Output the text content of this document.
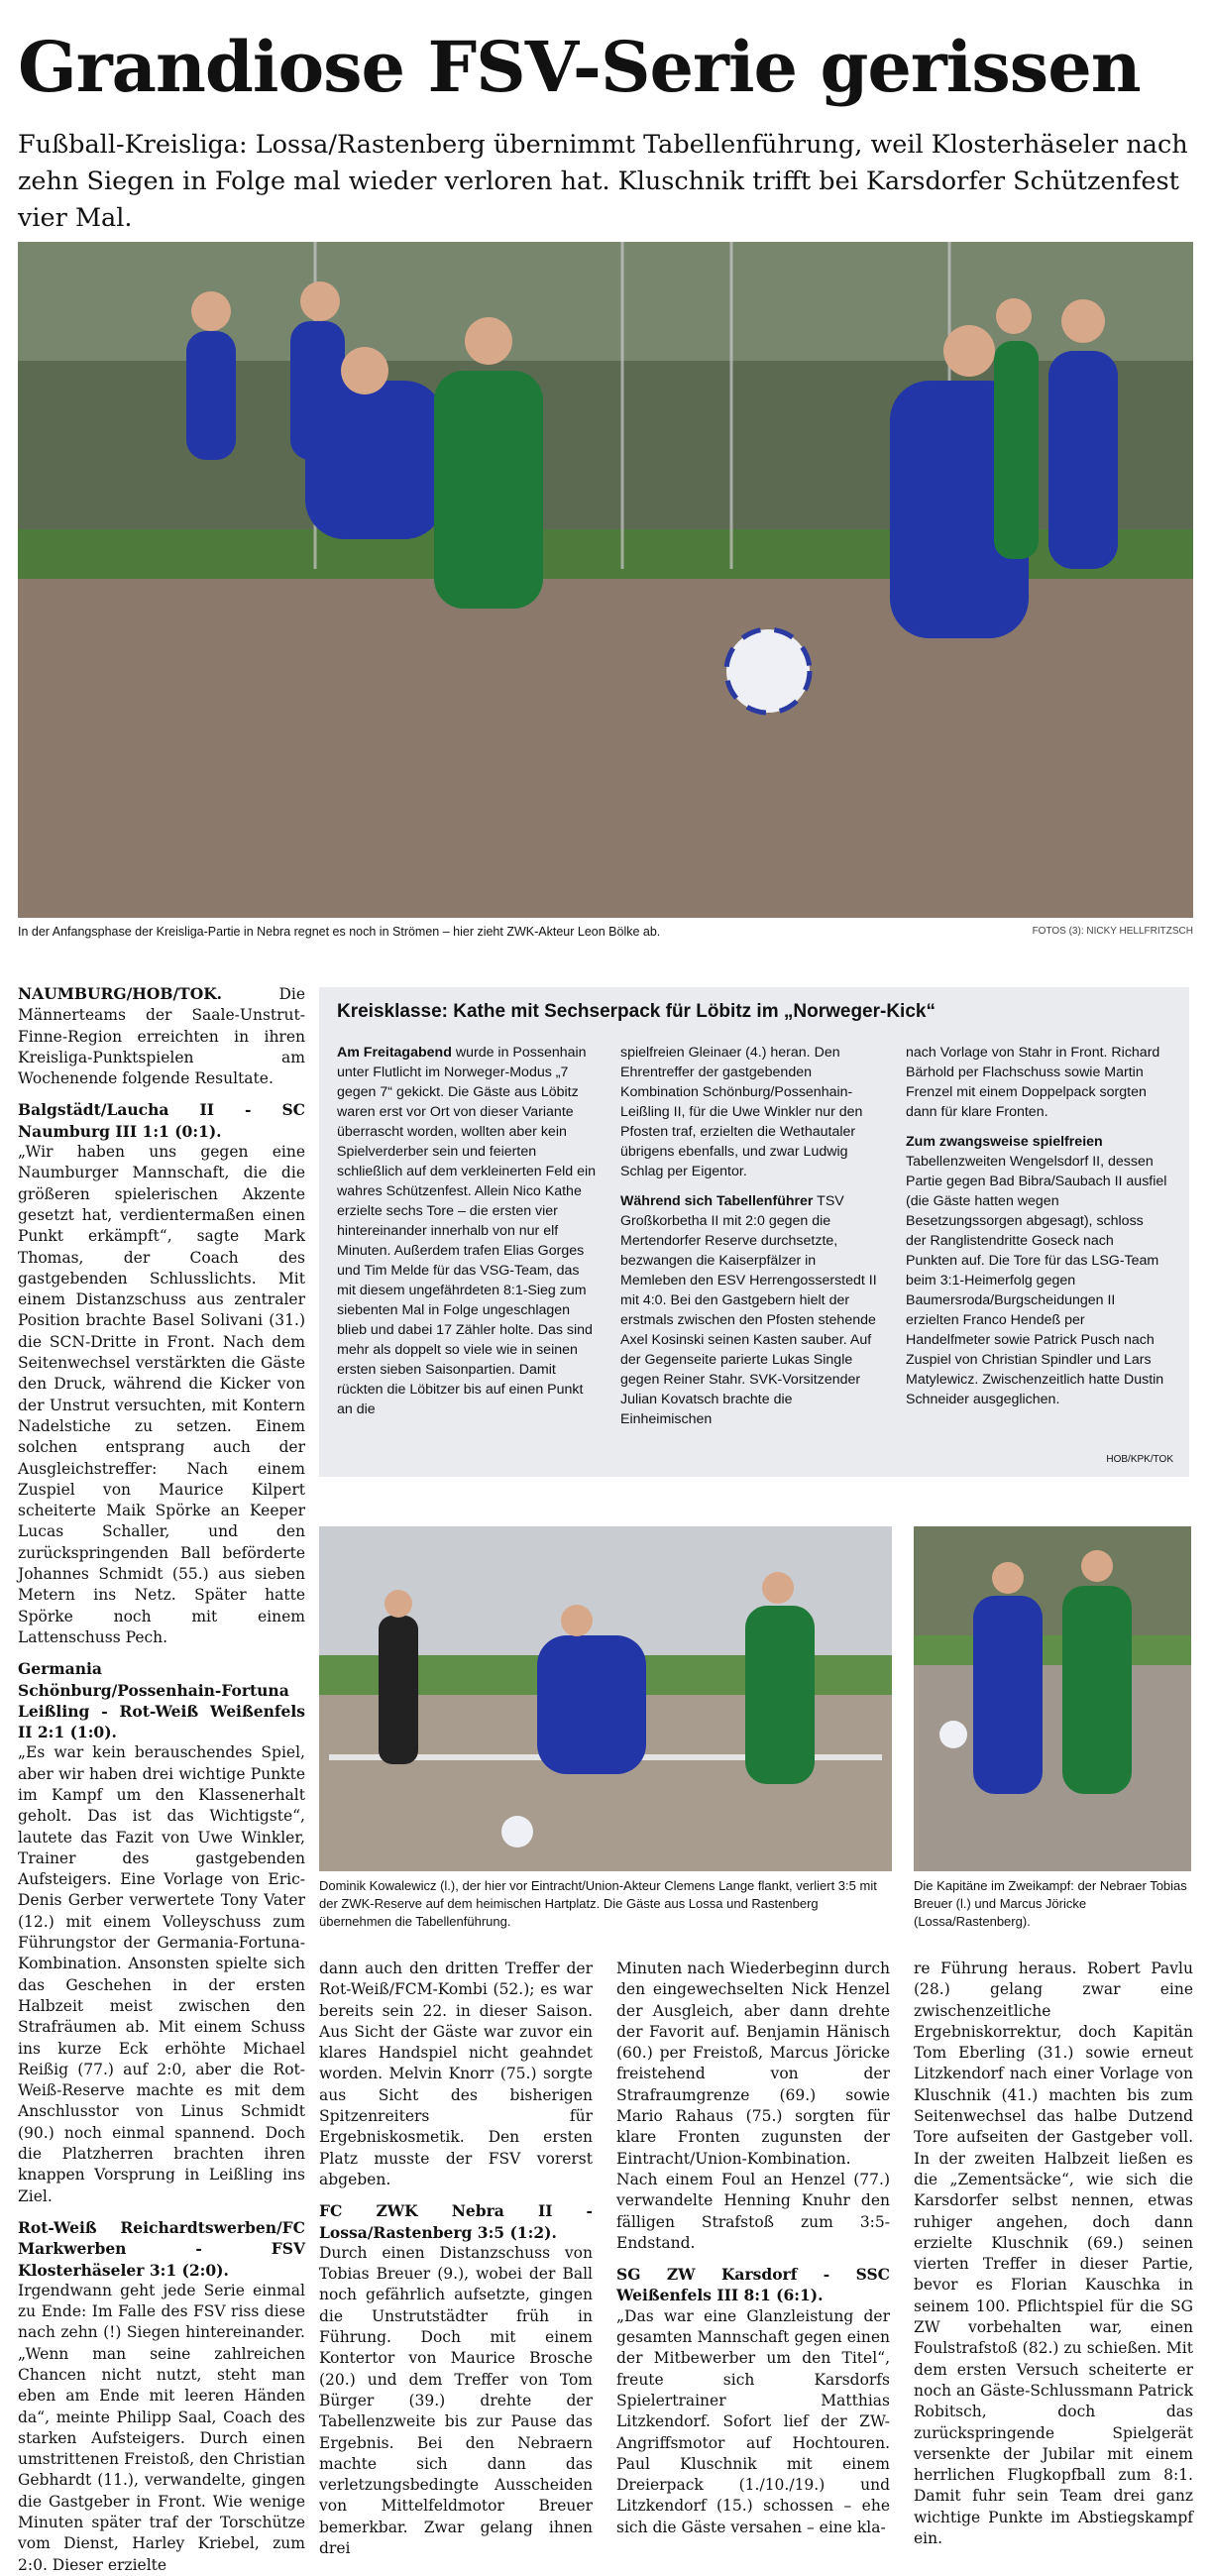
Grandiose FSV-Serie gerissen
Fußball-Kreisliga: Lossa/Rastenberg übernimmt Tabellenführung, weil Klosterhäseler nach zehn Siegen in Folge mal wieder verloren hat. Kluschnik trifft bei Karsdorfer Schützenfest vier Mal.
In der Anfangsphase der Kreisliga-Partie in Nebra regnet es noch in Strömen – hier zieht ZWK-Akteur Leon Bölke ab.	FOTOS (3): NICKY HELLFRITZSCH

NAUMBURG/HOB/TOK.	Die Männerteams der Saale-Unstrut-Finne-Region erreichten in ihren Kreisliga-Punktspielen am Wochenende folgende Resultate.

Balgstädt/Laucha II - SC Naumburg III 1:1 (0:1).
„Wir haben uns gegen eine Naumburger Mannschaft, die die größeren spielerischen Akzente gesetzt hat, verdientermaßen einen Punkt erkämpft“, sagte Mark Thomas, der Coach des gastgebenden Schlusslichts. Mit einem Distanzschuss aus zentraler Position brachte Basel Solivani (31.) die SCN-Dritte in Front. Nach dem Seitenwechsel verstärkten die Gäste den Druck, während die Kicker von der Unstrut versuchten, mit Kontern Nadelstiche zu setzen. Einem solchen entsprang auch der Ausgleichstreffer: Nach einem Zuspiel von Maurice Kilpert scheiterte Maik Spörke an Keeper Lucas Schaller, und den zurückspringenden Ball beförderte Johannes Schmidt (55.) aus sieben Metern ins Netz. Später hatte Spörke noch mit einem Lattenschuss Pech.

Germania Schönburg/Possenhain-Fortuna Leißling - Rot-Weiß Weißenfels II 2:1 (1:0).
„Es war kein berauschendes Spiel, aber wir haben drei wichtige Punkte im Kampf um den Klassenerhalt geholt. Das ist das Wichtigste“, lautete das Fazit von Uwe Winkler, Trainer des gastgebenden Aufsteigers. Eine Vorlage von Eric-Denis Gerber verwertete Tony Vater (12.) mit einem Volleyschuss zum Führungstor der Germania-Fortuna-Kombination. Ansonsten spielte sich das Geschehen in der ersten Halbzeit meist zwischen den Strafräumen ab. Mit einem Schuss ins kurze Eck erhöhte Michael Reißig (77.) auf 2:0, aber die Rot-Weiß-Reserve machte es mit dem Anschlusstor von Linus Schmidt (90.) noch einmal spannend. Doch die Platzherren brachten ihren knappen Vorsprung in Leißling ins Ziel.

Rot-Weiß Reichardtswerben/FC Markwerben - FSV Klosterhäseler 3:1 (2:0).
Irgendwann geht jede Serie einmal zu Ende: Im Falle des FSV riss diese nach zehn (!) Siegen hintereinander. „Wenn man seine zahlreichen Chancen nicht nutzt, steht man eben am Ende mit leeren Händen da“, meinte Philipp Saal, Coach des starken Aufsteigers. Durch einen umstrittenen Freistoß, den Christian Gebhardt (11.), verwandelte, gingen die Gastgeber in Front. Wie wenige Minuten später traf der Torschütze vom Dienst, Harley Kriebel, zum 2:0. Dieser erzielte

Kreisklasse: Kathe mit Sechserpack für Löbitz im „Norweger-Kick“

Am Freitagabend wurde in Possenhain unter Flutlicht im Norweger-Modus „7 gegen 7“ gekickt. Die Gäste aus Löbitz waren erst vor Ort von dieser Variante überrascht worden, wollten aber kein Spielverderber sein und feierten schließlich auf dem verkleinerten Feld ein wahres Schützenfest. Allein Nico Kathe erzielte sechs Tore – die ersten vier hintereinander innerhalb von nur elf Minuten. Außerdem trafen Elias Gorges und Tim Melde für das VSG-Team, das mit diesem ungefährdeten 8:1-Sieg zum siebenten Mal in Folge ungeschlagen blieb und dabei 17 Zähler holte. Das sind mehr als doppelt so viele wie in seinen ersten sieben Saisonpartien. Damit rückten die Löbitzer bis auf einen Punkt an die

spielfreien Gleinaer (4.) heran. Den Ehrentreffer der gastgebenden Kombination Schönburg/Possenhain-Leißling II, für die Uwe Winkler nur den Pfosten traf, erzielten die Wethautaler übrigens ebenfalls, und zwar Ludwig Schlag per Eigentor.

Während sich Tabellenführer TSV Großkorbetha II mit 2:0 gegen die Mertendorfer Reserve durchsetzte, bezwangen die Kaiserpfälzer in Memleben den ESV Herrengosserstedt II mit 4:0. Bei den Gastgebern hielt der erstmals zwischen den Pfosten stehende Axel Kosinski seinen Kasten sauber. Auf der Gegenseite parierte Lukas Single gegen Reiner Stahr. SVK-Vorsitzender Julian Kovatsch brachte die Einheimischen

nach Vorlage von Stahr in Front. Richard Bärhold per Flachschuss sowie Martin Frenzel mit einem Doppelpack sorgten dann für klare Fronten.

Zum zwangsweise spielfreien Tabellenzweiten Wengelsdorf II, dessen Partie gegen Bad Bibra/Saubach II ausfiel (die Gäste hatten wegen Besetzungssorgen abgesagt), schloss der Ranglistendritte Goseck nach Punkten auf. Die Tore für das LSG-Team beim 3:1-Heimerfolg gegen Baumersroda/Burgscheidungen II erzielten Franco Hendeß per Handelfmeter sowie Patrick Pusch nach Zuspiel von Christian Spindler und Lars Matylewicz. Zwischenzeitlich hatte Dustin Schneider ausgeglichen.

HOB/KPK/TOK
Dominik Kowalewicz (l.), der hier vor Eintracht/Union-Akteur Clemens Lange flankt, verliert 3:5 mit der ZWK-Reserve auf dem heimischen Hartplatz. Die Gäste aus Lossa und Rastenberg übernehmen die Tabellenführung.
Die Kapitäne im Zweikampf: der Nebraer Tobias Breuer (l.) und Marcus Jöricke (Lossa/Rastenberg).

dann auch den dritten Treffer der Rot-Weiß/FCM-Kombi (52.); es war bereits sein 22. in dieser Saison. Aus Sicht der Gäste war zuvor ein klares Handspiel nicht geahndet worden. Melvin Knorr (75.) sorgte aus Sicht des bisherigen Spitzenreiters für Ergebniskosmetik. Den ersten Platz musste der FSV vorerst abgeben.

FC ZWK Nebra II - Lossa/Rastenberg 3:5 (1:2).
Durch einen Distanzschuss von Tobias Breuer (9.), wobei der Ball noch gefährlich aufsetzte, gingen die Unstrutstädter früh in Führung. Doch mit einem Kontertor von Maurice Brosche (20.) und dem Treffer von Tom Bürger (39.) drehte der Tabellenzweite bis zur Pause das Ergebnis. Bei den Nebraern machte sich dann das verletzungsbedingte Ausscheiden von Mittelfeldmotor Breuer bemerkbar. Zwar gelang ihnen drei

Minuten nach Wiederbeginn durch den eingewechselten Nick Henzel der Ausgleich, aber dann drehte der Favorit auf. Benjamin Hänisch (60.) per Freistoß, Marcus Jöricke freistehend von der Strafraumgrenze (69.) sowie Mario Rahaus (75.) sorgten für klare Fronten zugunsten der Eintracht/Union-Kombination. Nach einem Foul an Henzel (77.) verwandelte Henning Knuhr den fälligen Strafstoß zum 3:5-Endstand.

SG ZW Karsdorf - SSC Weißenfels III 8:1 (6:1).
„Das war eine Glanzleistung der gesamten Mannschaft gegen einen der Mitbewerber um den Titel“, freute sich Karsdorfs Spielertrainer Matthias Litzkendorf. Sofort lief der ZW-Angriffsmotor auf Hochtouren. Paul Kluschnik mit einem Dreierpack (1./10./19.) und Litzkendorf (15.) schossen – ehe sich die Gäste versahen – eine kla-

re Führung heraus. Robert Pavlu (28.) gelang zwar eine zwischenzeitliche Ergebniskorrektur, doch Kapitän Tom Eberling (31.) sowie erneut Litzkendorf nach einer Vorlage von Kluschnik (41.) machten bis zum Seitenwechsel das halbe Dutzend Tore aufseiten der Gastgeber voll. In der zweiten Halbzeit ließen es die „Zementsäcke“, wie sich die Karsdorfer selbst nennen, etwas ruhiger angehen, doch dann erzielte Kluschnik (69.) seinen vierten Treffer in dieser Partie, bevor es Florian Kauschka in seinem 100. Pflichtspiel für die SG ZW vorbehalten war, einen Foulstrafstoß (82.) zu schießen. Mit dem ersten Versuch scheiterte er noch an Gäste-Schlussmann Patrick Robitsch, doch das zurückspringende Spielgerät versenkte der Jubilar mit einem herrlichen Flugkopfball zum 8:1. Damit fuhr sein Team drei ganz wichtige Punkte im Abstiegskampf ein.
